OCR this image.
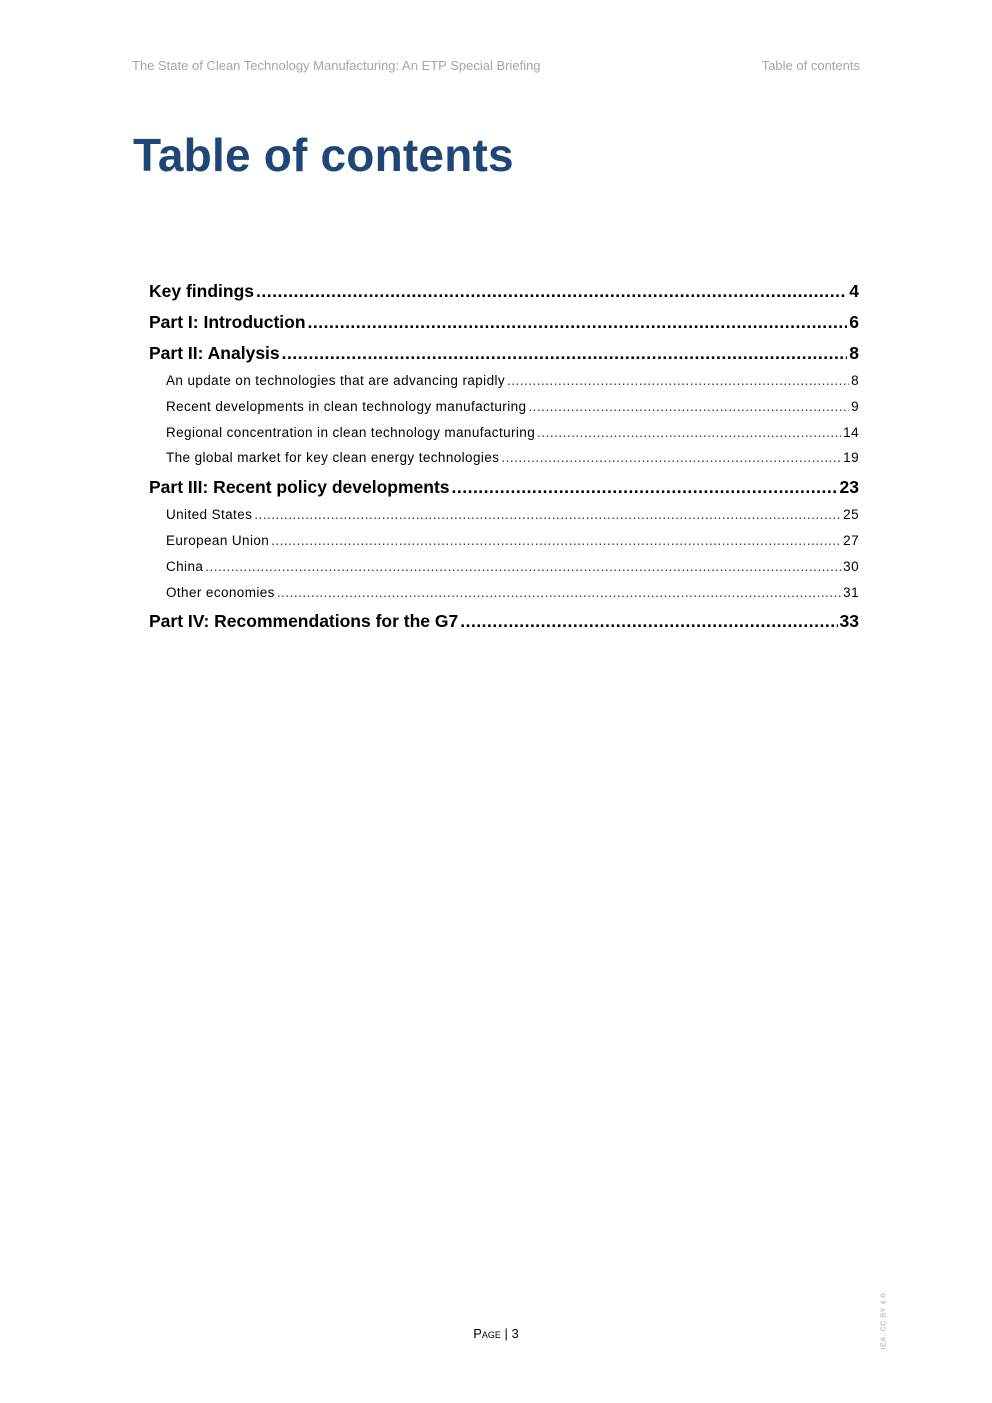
The State of Clean Technology Manufacturing: An ETP Special Briefing	Table of contents
Table of contents
Key findings .....	4
Part I: Introduction .....	6
Part II: Analysis .....	8
An update on technologies that are advancing rapidly .....	8
Recent developments in clean technology manufacturing .....	9
Regional concentration in clean technology manufacturing .....	14
The global market for key clean energy technologies .....	19
Part III: Recent policy developments .....	23
United States .....	25
European Union .....	27
China .....	30
Other economies .....	31
Part IV: Recommendations for the G7 .....	33
Page | 3	IEA. CC BY 4.0.
